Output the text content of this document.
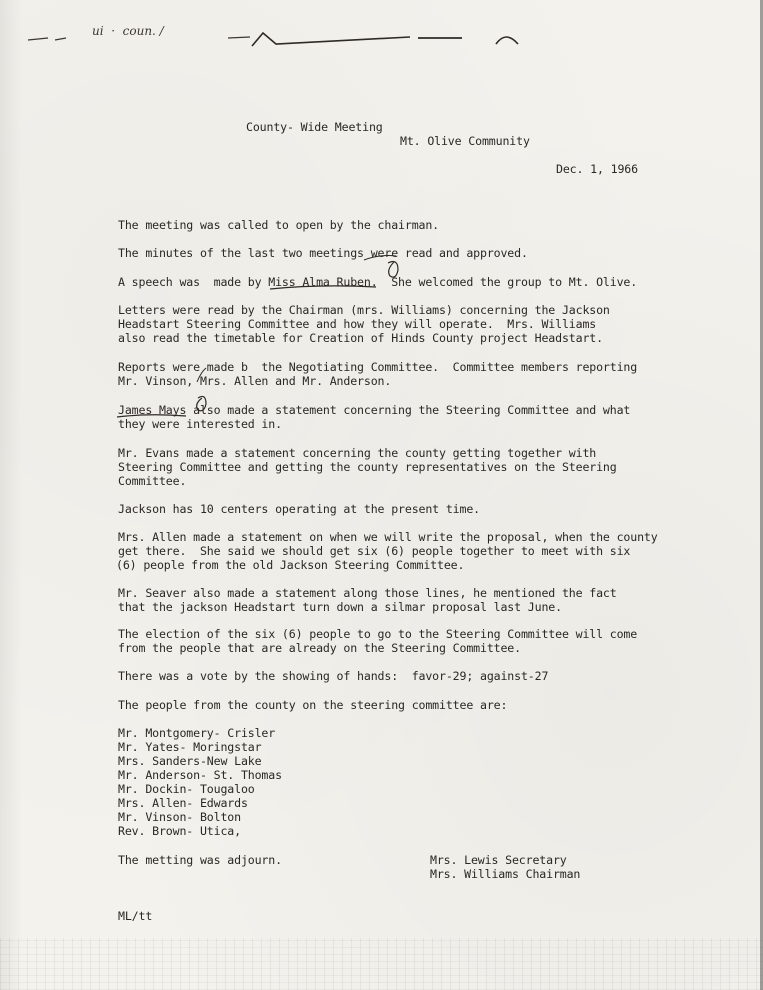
ui  ·  coun. /
County- Wide Meeting
Mt. Olive Community
Dec. 1, 1966
The meeting was called to open by the chairman.
The minutes of the last two meetings were read and approved.
A speech was  made by Miss Alma Ruben.  She welcomed the group to Mt. Olive.
Letters were read by the Chairman (mrs. Williams) concerning the Jackson
Headstart Steering Committee and how they will operate.  Mrs. Williams
also read the timetable for Creation of Hinds County project Headstart.
Reports were made b  the Negotiating Committee.  Committee members reporting
Mr. Vinson, Mrs. Allen and Mr. Anderson.
James Mays also made a statement concerning the Steering Committee and what
they were interested in.
Mr. Evans made a statement concerning the county getting together with
Steering Committee and getting the county representatives on the Steering
Committee.
Jackson has 10 centers operating at the present time.
Mrs. Allen made a statement on when we will write the proposal, when the county
get there.  She said we should get six (6) people together to meet with six
(6) people from the old Jackson Steering Committee.
Mr. Seaver also made a statement along those lines, he mentioned the fact
that the jackson Headstart turn down a silmar proposal last June.
The election of the six (6) people to go to the Steering Committee will come
from the people that are already on the Steering Committee.
There was a vote by the showing of hands:  favor-29; against-27
The people from the county on the steering committee are:
Mr. Montgomery- Crisler
Mr. Yates- Moringstar
Mrs. Sanders-New Lake
Mr. Anderson- St. Thomas
Mr. Dockin- Tougaloo
Mrs. Allen- Edwards
Mr. Vinson- Bolton
Rev. Brown- Utica,
The metting was adjourn.	Mrs. Lewis Secretary
Mrs. Williams Chairman
ML/tt
